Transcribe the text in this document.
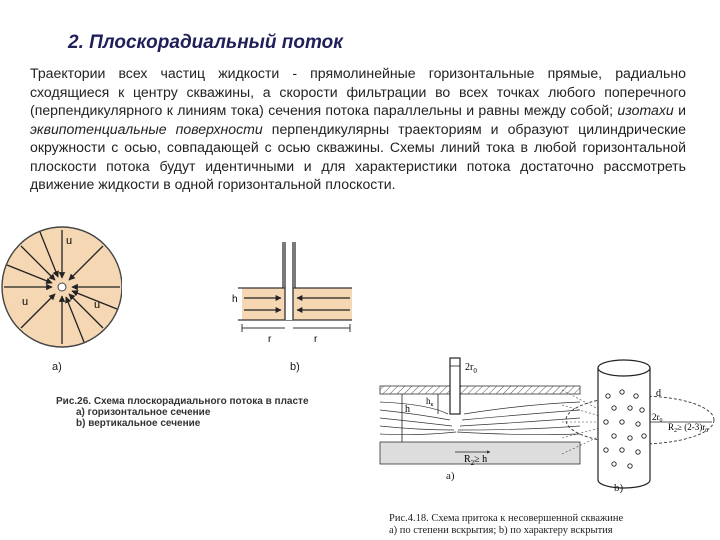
2. Плоскорадиальный поток
Траектории всех частиц жидкости - прямолинейные горизонтальные прямые, радиально сходящиеся к центру скважины, а скорости фильтрации во всех точках любого поперечного (перпендикулярного к линиям тока) сечения потока параллельны и равны между собой; изотахи и эквипотенциальные поверхности перпендикулярны траекториям и образуют цилиндрические окружности с осью, совпадающей с осью скважины. Схемы линий тока в любой горизонтальной плоскости потока будут идентичными и для характеристики потока достаточно рассмотреть движение жидкости в одной горизонтальной плоскости.
u
u	u	h
r	r
а)	b)
Рис.26. Схема плоскорадиального потока в пласте
а) горизонтальное сечение
b) вертикальное сечение
$2r_0$
h
$h_к$
$R_2\ge h$
а)
d
$2r_0$
$R_2\ge (2-3)r_0$
b)
Рис.4.18. Схема притока к несовершенной скважине
а) по степени вскрытия; b) по характеру вскрытия
